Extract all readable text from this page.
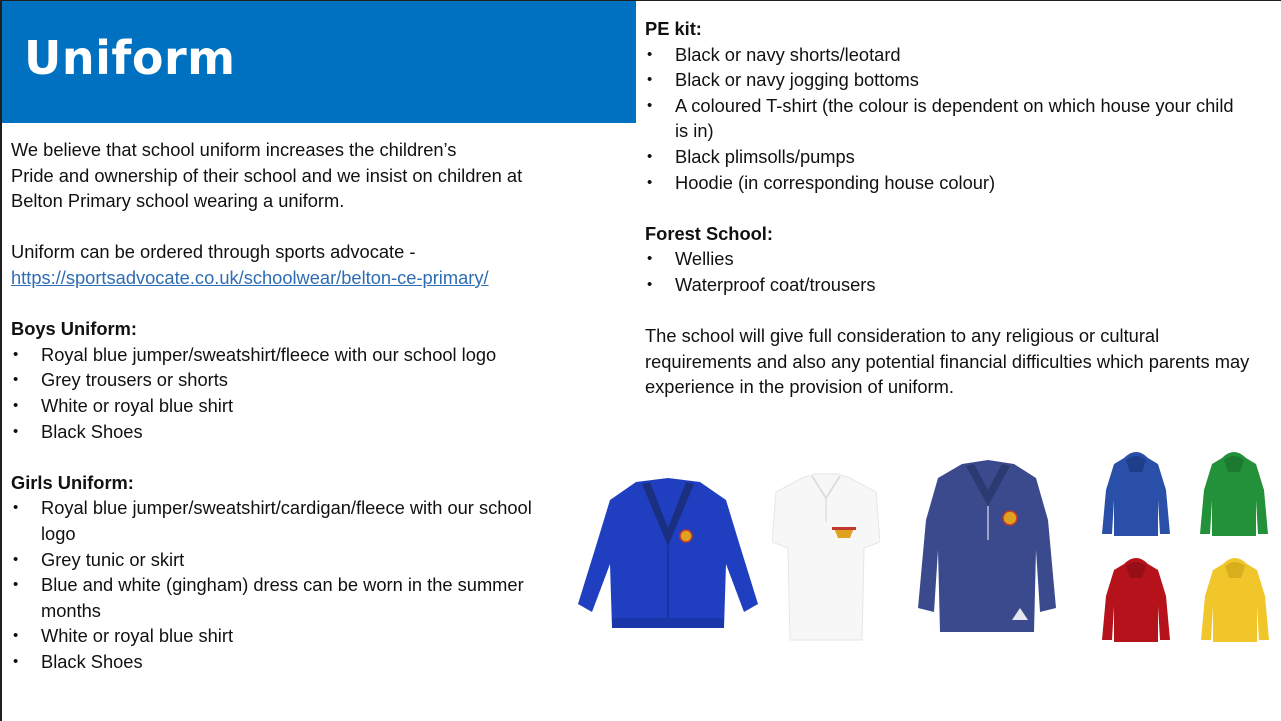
Uniform

We believe that school uniform increases the children’s

Pride and ownership of their school and we insist on children at

Belton Primary school wearing a uniform.

Uniform can be ordered through sports advocate -

https://sportsadvocate.co.uk/schoolwear/belton-ce-primary/

Boys Uniform:

• Royal blue jumper/sweatshirt/fleece with our school logo
• Grey trousers or shorts
• White or royal blue shirt
• Black Shoes

Girls Uniform:

• Royal blue jumper/sweatshirt/cardigan/fleece with our school logo
• Grey tunic or skirt
• Blue and white (gingham) dress can be worn in the summer months
• White or royal blue shirt
• Black Shoes

PE kit:

• Black or navy shorts/leotard
• Black or navy jogging bottoms
• A coloured T-shirt (the colour is dependent on which house your child is in)
• Black plimsolls/pumps
• Hoodie (in corresponding house colour)

Forest School:

• Wellies
• Waterproof coat/trousers

The school will give full consideration to any religious or cultural requirements and also any potential financial difficulties which parents may experience in the provision of uniform.
